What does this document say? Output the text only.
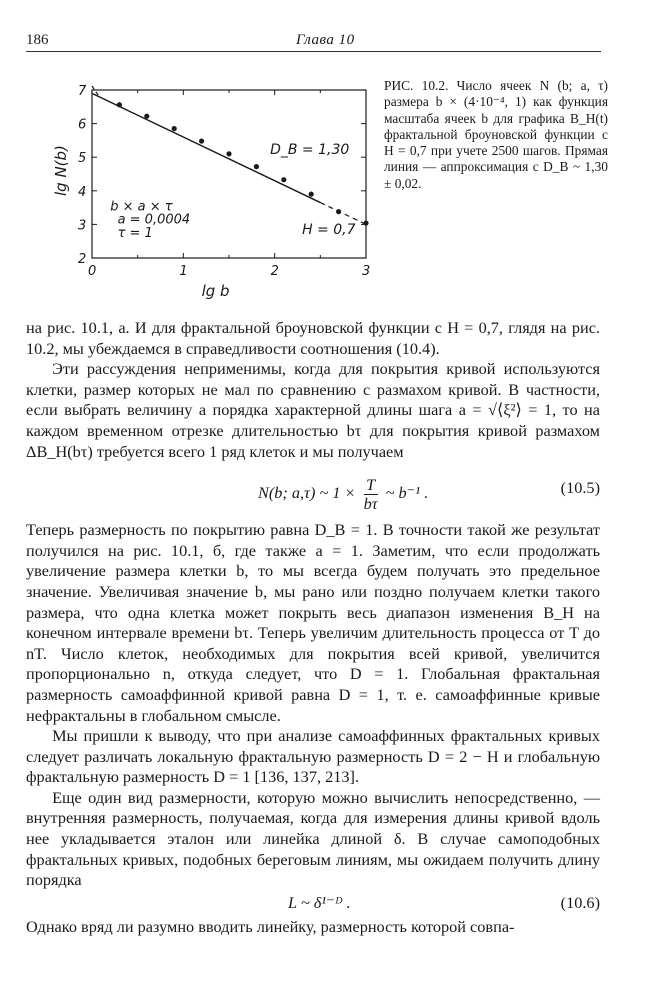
186	Глава 10
2
3
4
5
6
7
0	1	2	3
D_B = 1,30
H = 0,7
b × a × τ
a = 0,0004
τ = 1
lg b
lg N(b)
РИС. 10.2. Число ячеек N (b; a, τ) размера b × (4·10⁻⁴, 1) как функция масштаба ячеек b для графика B_H(t) фрактальной броуновской функции с H = 0,7 при учете 2500 шагов. Прямая линия — аппроксимация с D_B ~ 1,30 ± 0,02.

на рис. 10.1, а. И для фрактальной броуновской функции с H = 0,7, глядя на рис. 10.2, мы убеждаемся в справедливости соотношения (10.4).

Эти рассуждения неприменимы, когда для покрытия кривой используются клетки, размер которых не мал по сравнению с размахом кривой. В частности, если выбрать величину a порядка характерной длины шага a = √⟨ξ²⟩ = 1, то на каждом временном отрезке длительностью bτ для покрытия кривой размахом ΔB_H(bτ) требуется всего 1 ряд клеток и мы получаем

N(b; a,τ) ~ $1 \times \frac{T}{b\tau}$ ~ b⁻¹ .	(10.5)

Теперь размерность по покрытию равна D_B = 1. В точности такой же результат получился на рис. 10.1, б, где также a = 1. Заметим, что если продолжать увеличение размера клетки b, то мы всегда будем получать это предельное значение. Увеличивая значение b, мы рано или поздно получаем клетки такого размера, что одна клетка может покрыть весь диапазон изменения B_H на конечном интервале времени bτ. Теперь увеличим длительность процесса от T до nT. Число клеток, необходимых для покрытия всей кривой, увеличится пропорционально n, откуда следует, что D = 1. Глобальная фрактальная размерность самоаффинной кривой равна D = 1, т. е. самоаффинные кривые нефрактальны в глобальном смысле.

Мы пришли к выводу, что при анализе самоаффинных фрактальных кривых следует различать локальную фрактальную размерность D = 2 − H и глобальную фрактальную размерность D = 1 [136, 137, 213].

Еще один вид размерности, которую можно вычислить непосредственно, — внутренняя размерность, получаемая, когда для измерения длины кривой вдоль нее укладывается эталон или линейка длиной δ. В случае самоподобных фрактальных кривых, подобных береговым линиям, мы ожидаем получить длину порядка

L ~ δ¹⁻ᴰ .	(10.6)

Однако вряд ли разумно вводить линейку, размерность которой совпа-
